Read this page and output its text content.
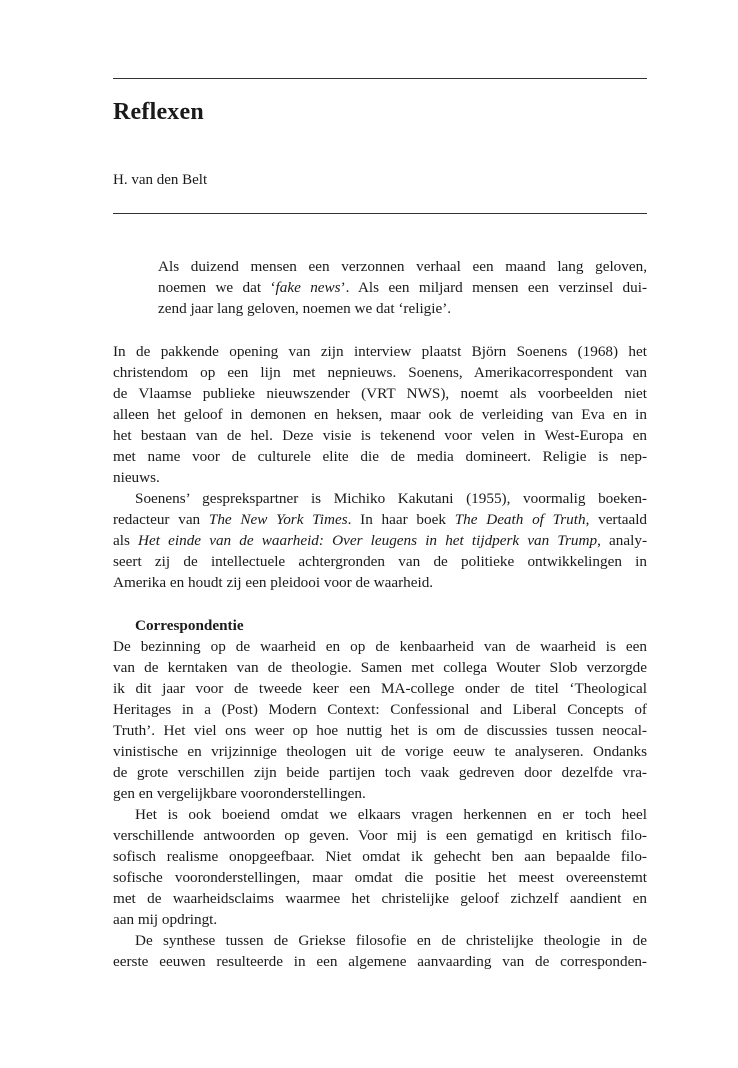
Reflexen
H. van den Belt
Als duizend mensen een verzonnen verhaal een maand lang geloven,
noemen we dat ‘fake news’. Als een miljard mensen een verzinsel dui-
zend jaar lang geloven, noemen we dat ‘religie’.
In de pakkende opening van zijn interview plaatst Björn Soenens (1968) het
christendom op een lijn met nepnieuws. Soenens, Amerikacorrespondent van
de Vlaamse publieke nieuwszender (VRT NWS), noemt als voorbeelden niet
alleen het geloof in demonen en heksen, maar ook de verleiding van Eva en in
het bestaan van de hel. Deze visie is tekenend voor velen in West-Europa en
met name voor de culturele elite die de media domineert. Religie is nep-
nieuws.
Soenens’ gesprekspartner is Michiko Kakutani (1955), voormalig boeken-
redacteur van The New York Times. In haar boek The Death of Truth, vertaald
als Het einde van de waarheid: Over leugens in het tijdperk van Trump, analy-
seert zij de intellectuele achtergronden van de politieke ontwikkelingen in
Amerika en houdt zij een pleidooi voor de waarheid.
Correspondentie
De bezinning op de waarheid en op de kenbaarheid van de waarheid is een
van de kerntaken van de theologie. Samen met collega Wouter Slob verzorgde
ik dit jaar voor de tweede keer een MA-college onder de titel ‘Theological
Heritages in a (Post) Modern Context: Confessional and Liberal Concepts of
Truth’. Het viel ons weer op hoe nuttig het is om de discussies tussen neocal-
vinistische en vrijzinnige theologen uit de vorige eeuw te analyseren. Ondanks
de grote verschillen zijn beide partijen toch vaak gedreven door dezelfde vra-
gen en vergelijkbare vooronderstellingen.
Het is ook boeiend omdat we elkaars vragen herkennen en er toch heel
verschillende antwoorden op geven. Voor mij is een gematigd en kritisch filo-
sofisch realisme onopgeefbaar. Niet omdat ik gehecht ben aan bepaalde filo-
sofische vooronderstellingen, maar omdat die positie het meest overeenstemt
met de waarheidsclaims waarmee het christelijke geloof zichzelf aandient en
aan mij opdringt.
De synthese tussen de Griekse filosofie en de christelijke theologie in de
eerste eeuwen resulteerde in een algemene aanvaarding van de corresponden-
